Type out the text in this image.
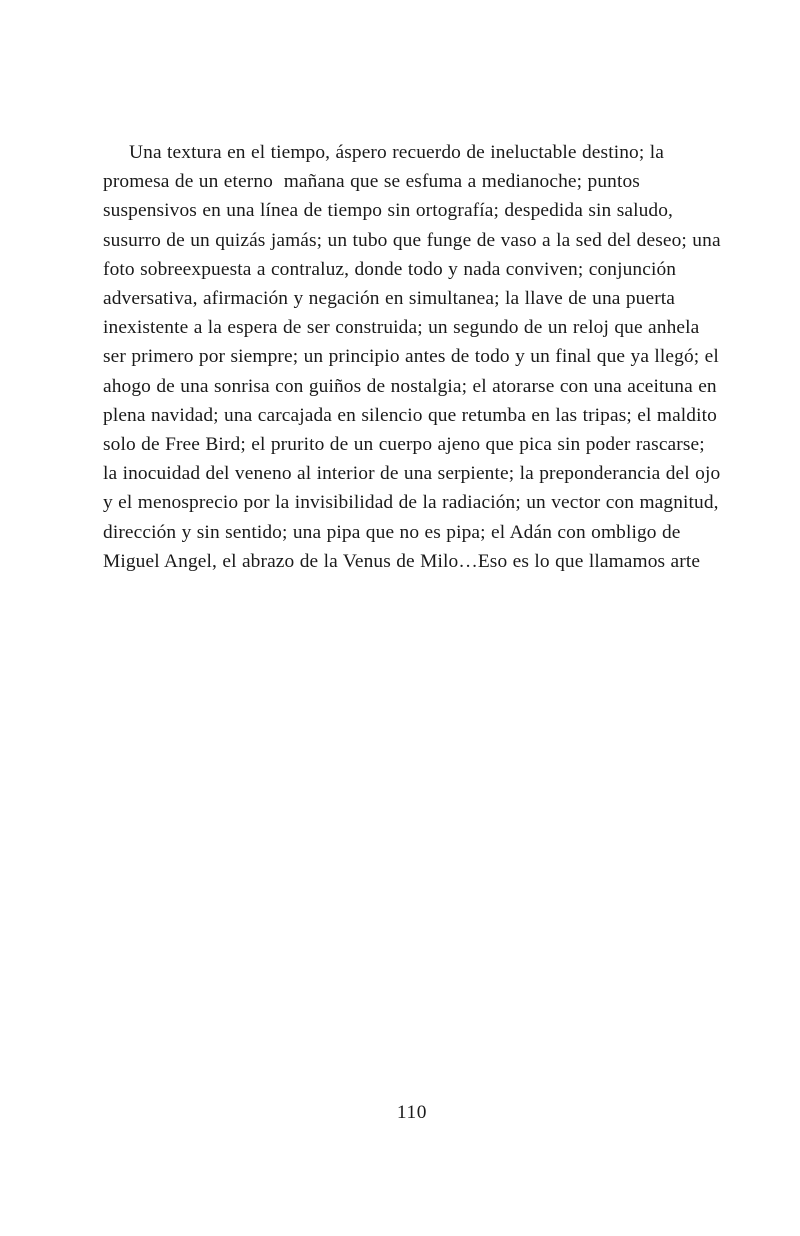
Una textura en el tiempo, áspero recuerdo de ineluctable destino; la promesa de un eterno  mañana que se esfuma a medianoche; puntos suspensivos en una línea de tiempo sin ortografía; despedida sin saludo, susurro de un quizás jamás; un tubo que funge de vaso a la sed del deseo; una foto sobreexpuesta a contraluz, donde todo y nada conviven; conjunción adversativa, afirmación y negación en simultanea; la llave de una puerta inexistente a la espera de ser construida; un segundo de un reloj que anhela ser primero por siempre; un principio antes de todo y un final que ya llegó; el ahogo de una sonrisa con guiños de nostalgia; el atorarse con una aceituna en plena navidad; una carcajada en silencio que retumba en las tripas; el maldito solo de Free Bird; el prurito de un cuerpo ajeno que pica sin poder rascarse; la inocuidad del veneno al interior de una serpiente; la preponderancia del ojo y el menosprecio por la invisibilidad de la radiación; un vector con magnitud, dirección y sin sentido; una pipa que no es pipa; el Adán con ombligo de Miguel Angel, el abrazo de la Venus de Milo…Eso es lo que llamamos arte

110
